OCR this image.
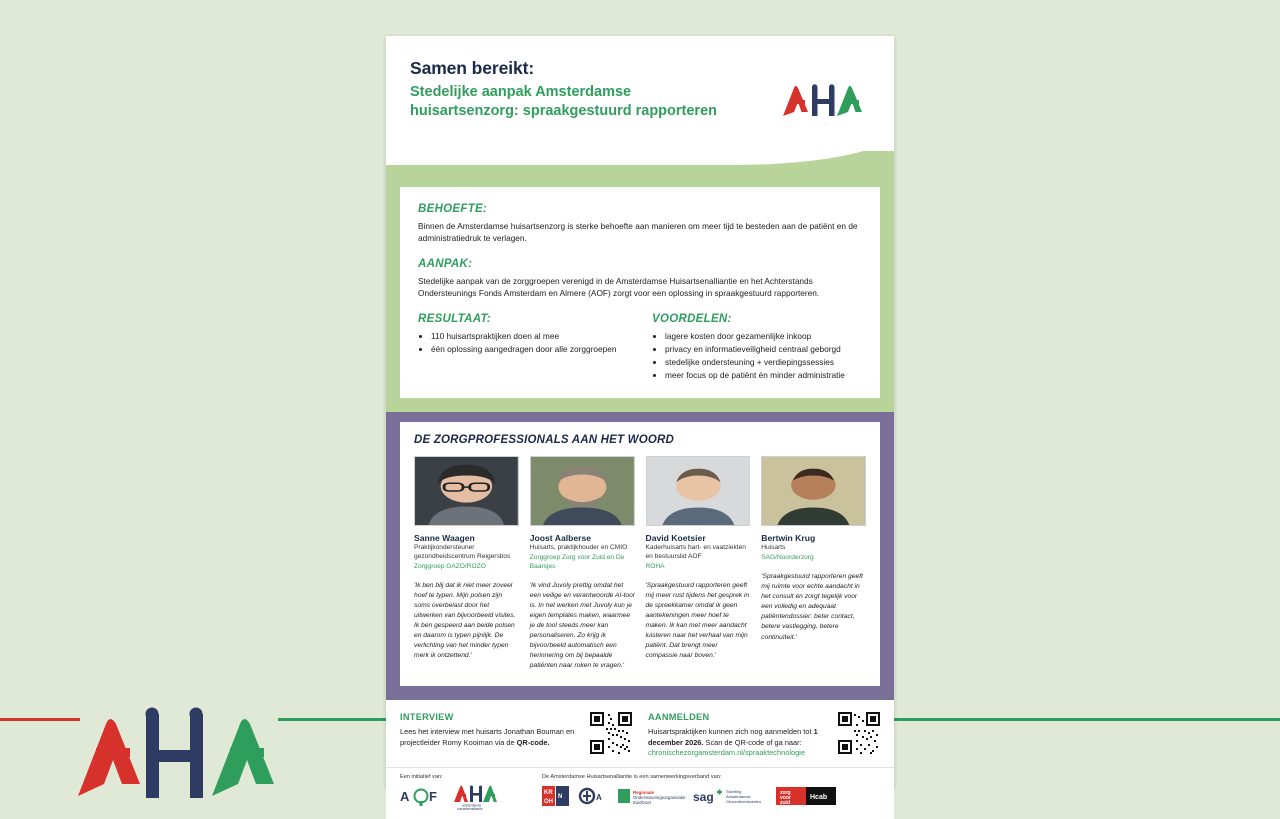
Samen bereikt:
Stedelijke aanpak Amsterdamse huisartsenzorg: spraakgestuurd rapporteren
BEHOEFTE:
Binnen de Amsterdamse huisartsenzorg is sterke behoefte aan manieren om meer tijd te besteden aan de patiënt en de administratiedruk te verlagen.
AANPAK:
Stedelijke aanpak van de zorggroepen verenigd in de Amsterdamse Huisartsenalliantie en het Achterstands Ondersteunings Fonds Amsterdam en Almere (AOF) zorgt voor een oplossing in spraakgestuurd rapporteren.
RESULTAAT:
• 110 huisartspraktijken doen al mee
• één oplossing aangedragen door alle zorggroepen
VOORDELEN:
• lagere kosten door gezamenlijke inkoop
• privacy en informatieveiligheid centraal geborgd
• stedelijke ondersteuning + verdiepingssessies
• meer focus op de patiënt én minder administratie
DE ZORGPROFESSIONALS AAN HET WOORD
Sanne Waagen
Praktijkondersteuner gezondheidscentrum Reigersbos
Zorggroep GAZO/ROZO
'Ik ben blij dat ik niet meer zoveel hoef te typen. Mijn polsen zijn soms overbelast door het uitwerken van bijvoorbeeld visites. Ik ben gespeerd aan beide polsen en daarom is typen pijnlijk. De verlichting van het minder typen merk ik ontzettend.'
Joost Aalberse
Huisarts, praktijkhouder en CMIO
Zorggroep Zorg voor Zuid en De Baarsjes
'Ik vind Juvoly prettig omdat het een veilige en verantwoorde AI-tool is. In het werken met Juvoly kun je eigen templates maken, waarmee je de tool steeds meer kan personaliseren. Zo krijg ik bijvoorbeeld automatisch een herinnering om bij bepaalde patiënten naar roken te vragen.'
David Koetsier
Kaderhuisarts hart- en vaatziekten en bestuurslid AOF
ROHA
'Spraakgestuurd rapporteren geeft mij meer rust tijdens het gesprek in de spreekkamer omdat ik geen aantekeningen meer hoef te maken. Ik kan met meer aandacht luisteren naar het verhaal van mijn patiënt. Dat brengt meer compassie naar boven.'
Bertwin Krug
Huisarts
SAG/Noorderzorg
'Spraakgestuurd rapporteren geeft mij ruimte voor echte aandacht in het consult én zorgt tegelijk voor een volledig en adequaat patiëntendossier: beter contact, betere vastlegging, betere continuïteit.'
INTERVIEW
Lees het interview met huisarts Jonathan Bouman en projectleider Romy Kooiman via de QR-code.
AANMELDEN
Huisartspraktijken kunnen zich nog aanmelden tot 1 december 2026. Scan de QR-code of ga naar:
chronischezorgamsterdam.nl/spraaktechnologie
Een initiatief van:
A F
amsterdamse
huisartsenalliantie
De Amsterdamse Huisartsenalliantie is een samenwerkingsverband van:
KR
OH
N	A
Regionale
Ondersteuningsorganisatie
ZuidOost	sag	Stichting
Amsterdamse
Gezondheidscentra
zorg
voor
zuid
Hcab
